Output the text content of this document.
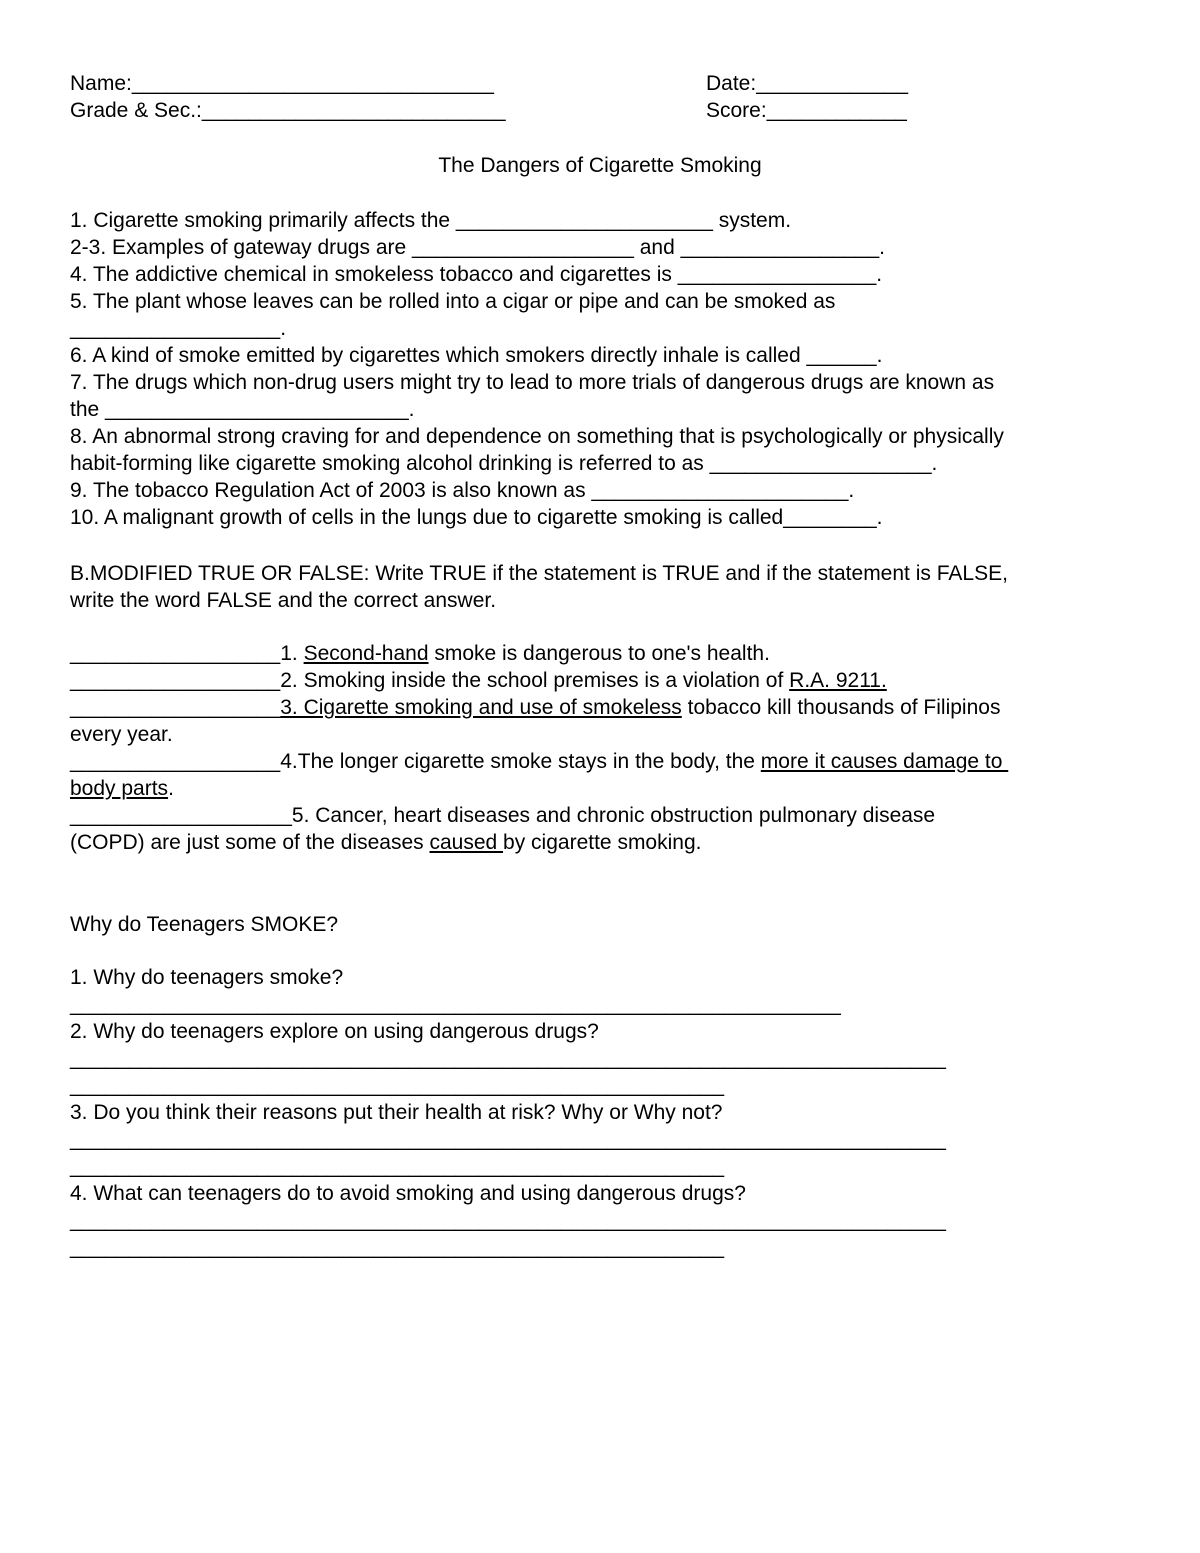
Name:_______________________________	Date:_____________
Grade & Sec.:__________________________	Score:____________
The Dangers of Cigarette Smoking
1. Cigarette smoking primarily affects the ______________________ system.
2-3. Examples of gateway drugs are ___________________ and _________________.
4. The addictive chemical in smokeless tobacco and cigarettes is _________________.
5. The plant whose leaves can be rolled into a cigar or pipe and can be smoked as
__________________.
6. A kind of smoke emitted by cigarettes which smokers directly inhale is called ______.
7. The drugs which non-drug users might try to lead to more trials of dangerous drugs are known as
the __________________________.
8. An abnormal strong craving for and dependence on something that is psychologically or physically
habit-forming like cigarette smoking alcohol drinking is referred to as ___________________.
9. The tobacco Regulation Act of 2003 is also known as ______________________.
10. A malignant growth of cells in the lungs due to cigarette smoking is called________.
B.MODIFIED TRUE OR FALSE: Write TRUE if the statement is TRUE and if the statement is FALSE,
write the word FALSE and the correct answer.
__________________1. Second-hand smoke is dangerous to one's health.
__________________2. Smoking inside the school premises is a violation of R.A. 9211.
__________________3. Cigarette smoking and use of smokeless tobacco kill thousands of Filipinos
every year.
__________________4.The longer cigarette smoke stays in the body, the more it causes damage to
body parts.
___________________5. Cancer, heart diseases and chronic obstruction pulmonary disease
(COPD) are just some of the diseases caused by cigarette smoking.
Why do Teenagers SMOKE?
1. Why do teenagers smoke?
__________________________________________________________________
2. Why do teenagers explore on using dangerous drugs?
___________________________________________________________________________
________________________________________________________
3. Do you think their reasons put their health at risk? Why or Why not?
___________________________________________________________________________
________________________________________________________
4. What can teenagers do to avoid smoking and using dangerous drugs?
___________________________________________________________________________
________________________________________________________
